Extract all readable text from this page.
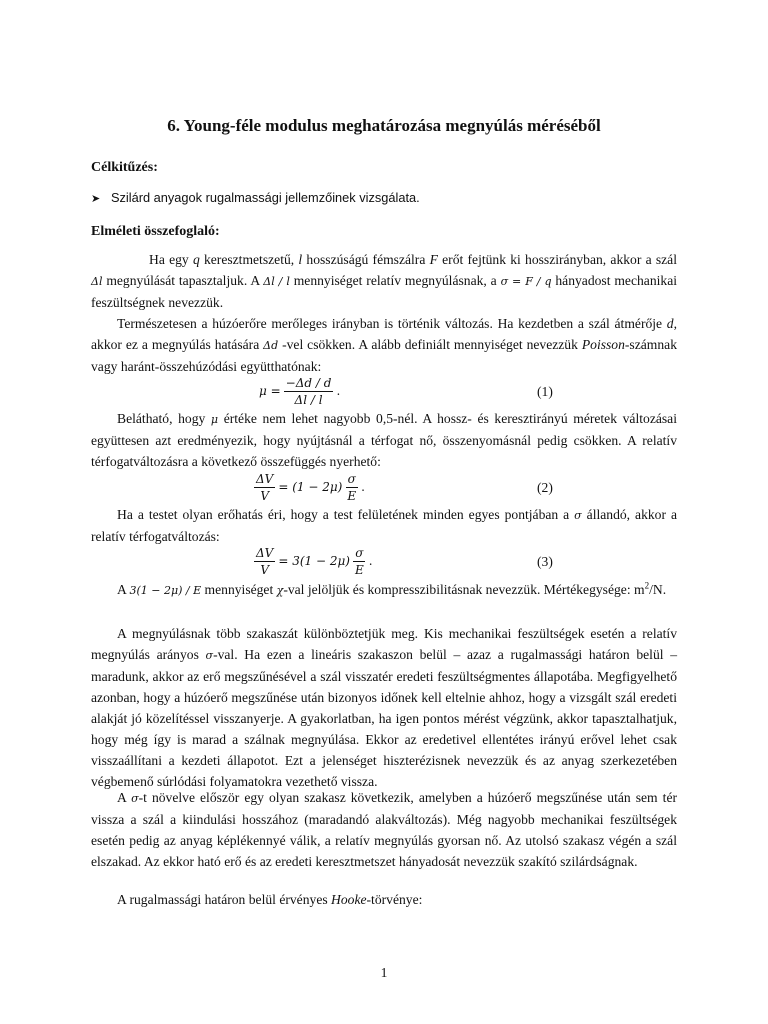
6. Young-féle modulus meghatározása megnyúlás méréséből
Célkitűzés:
➤ Szilárd anyagok rugalmassági jellemzőinek vizsgálata.
Elméleti összefoglaló:

Ha egy q keresztmetszetű, l hosszúságú fémszálra F erőt fejtünk ki hosszirányban, akkor a szál Δl megnyúlását tapasztaljuk. A Δl / l mennyiséget relatív megnyúlásnak, a σ = F / q hányadost mechanikai feszültségnek nevezzük.

Természetesen a húzóerőre merőleges irányban is történik változás. Ha kezdetben a szál átmérője d, akkor ez a megnyúlás hatására Δd -vel csökken. A alább definiált mennyiséget nevezzük Poisson-számnak vagy haránt-összehúzódási együtthatónak:

$\mu = \frac{-\Delta d / d}{\Delta l / l}$ .	(1)

Belátható, hogy μ értéke nem lehet nagyobb 0,5-nél. A hossz- és keresztirányú méretek változásai együttesen azt eredményezik, hogy nyújtásnál a térfogat nő, összenyomásnál pedig csökken. A relatív térfogatváltozásra a következő összefüggés nyerhető:

$\frac{\Delta V}{V} = (1 - 2\mu) \frac{\sigma}{E}$ .	(2)

Ha a testet olyan erőhatás éri, hogy a test felületének minden egyes pontjában a σ állandó, akkor a relatív térfogatváltozás:

$\frac{\Delta V}{V} = 3(1 - 2\mu) \frac{\sigma}{E}$ .	(3)

A 3(1 − 2μ) / E mennyiséget χ-val jelöljük és kompresszibilitásnak nevezzük. Mértékegysége: $m^2/N$.

A megnyúlásnak több szakaszát különböztetjük meg. Kis mechanikai feszültségek esetén a relatív megnyúlás arányos σ-val. Ha ezen a lineáris szakaszon belül – azaz a rugalmassági határon belül – maradunk, akkor az erő megszűnésével a szál visszatér eredeti feszültségmentes állapotába. Megfigyelhető azonban, hogy a húzóerő megszűnése után bizonyos időnek kell eltelnie ahhoz, hogy a vizsgált szál eredeti alakját jó közelítéssel visszanyerje. A gyakorlatban, ha igen pontos mérést végzünk, akkor tapasztalhatjuk, hogy még így is marad a szálnak megnyúlása. Ekkor az eredetivel ellentétes irányú erővel lehet csak visszaállítani a kezdeti állapotot. Ezt a jelenséget hiszterézisnek nevezzük és az anyag szerkezetében végbemenő súrlódási folyamatokra vezethető vissza.

A σ-t növelve először egy olyan szakasz következik, amelyben a húzóerő megszűnése után sem tér vissza a szál a kiindulási hosszához (maradandó alakváltozás). Még nagyobb mechanikai feszültségek esetén pedig az anyag képlékennyé válik, a relatív megnyúlás gyorsan nő. Az utolsó szakasz végén a szál elszakad. Az ekkor ható erő és az eredeti keresztmetszet hányadosát nevezzük szakító szilárdságnak.

A rugalmassági határon belül érvényes Hooke-törvénye:

1
